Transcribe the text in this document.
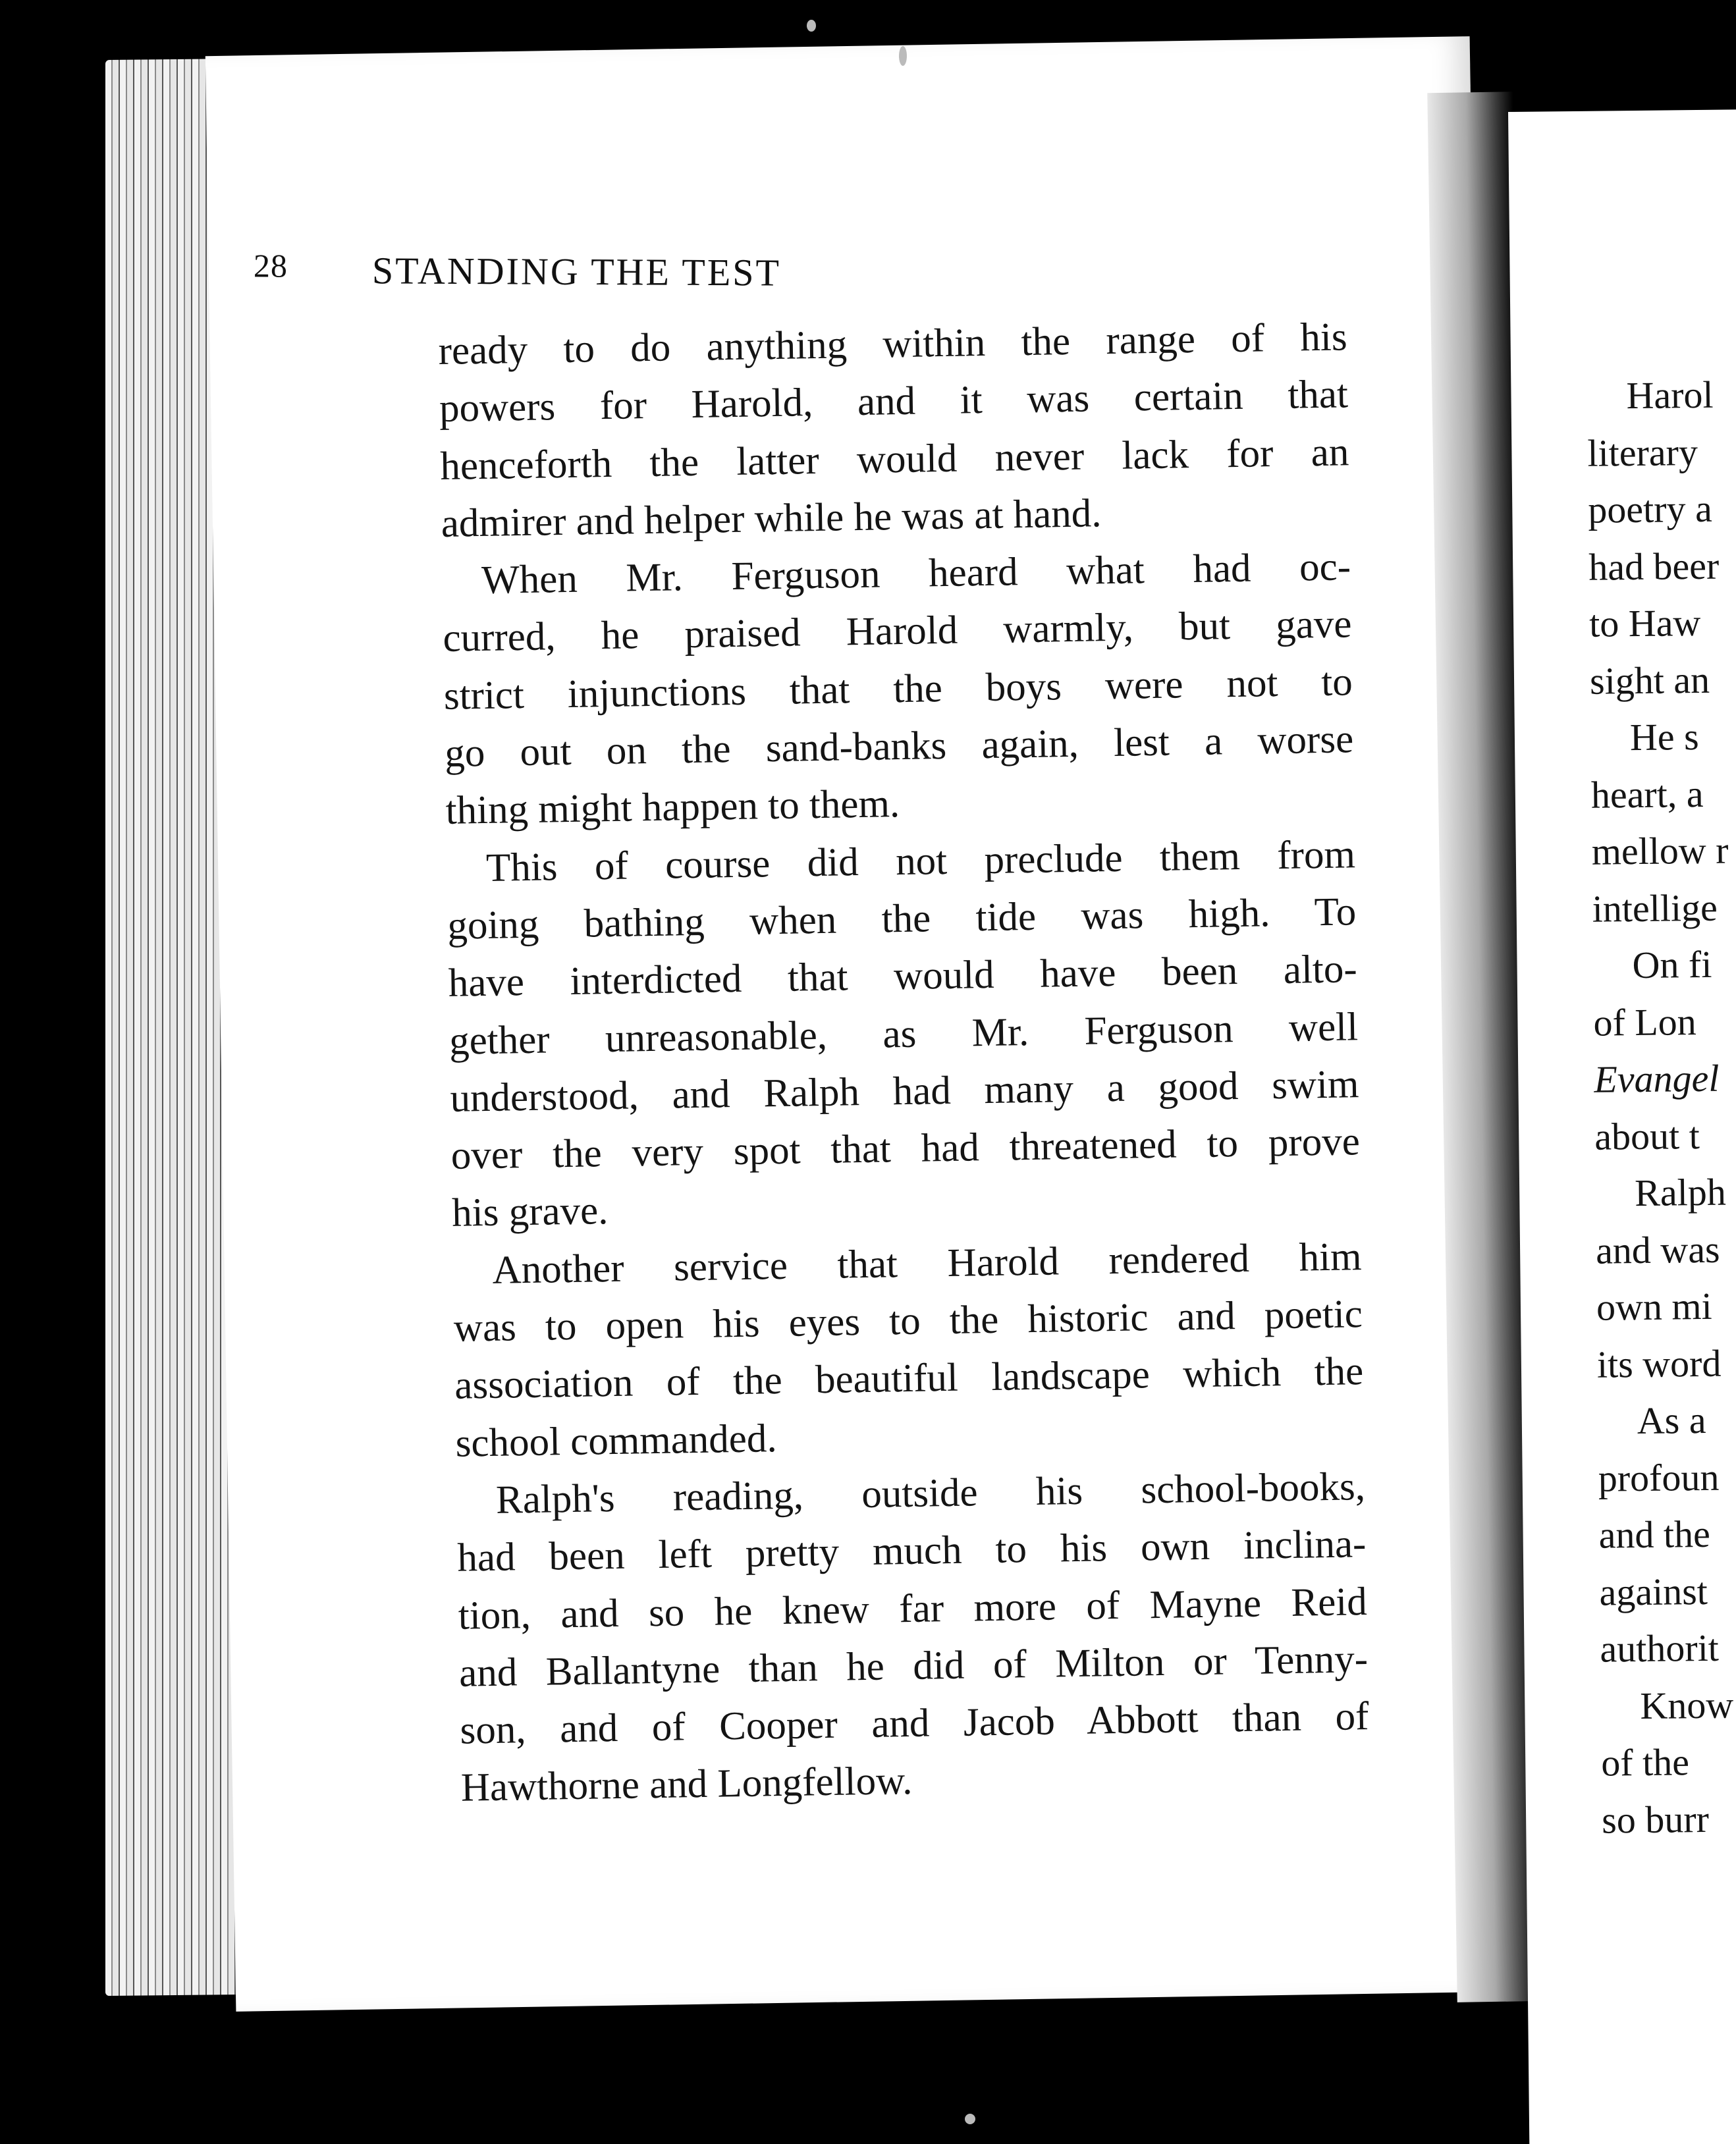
Harol
literary
poetry a
had beer
to Haw
sight an
He s
heart, a
mellow r
intellige
On fi
of Lon
Evangel
about t
Ralph
and was
own mi
its word
As a
profoun
and the
against
authorit
Know
of the
so burr
28 STANDING THE TEST
ready to do anything within the range of his
powers for Harold, and it was certain that
henceforth the latter would never lack for an
admirer and helper while he was at hand.
When Mr. Ferguson heard what had oc-
curred, he praised Harold warmly, but gave
strict injunctions that the boys were not to
go out on the sand-banks again, lest a worse
thing might happen to them.
This of course did not preclude them from
going bathing when the tide was high. To
have interdicted that would have been alto-
gether unreasonable, as Mr. Ferguson well
understood, and Ralph had many a good swim
over the very spot that had threatened to prove
his grave.
Another service that Harold rendered him
was to open his eyes to the historic and poetic
association of the beautiful landscape which the
school commanded.
Ralph's reading, outside his school-books,
had been left pretty much to his own inclina-
tion, and so he knew far more of Mayne Reid
and Ballantyne than he did of Milton or Tenny-
son, and of Cooper and Jacob Abbott than of
Hawthorne and Longfellow.
